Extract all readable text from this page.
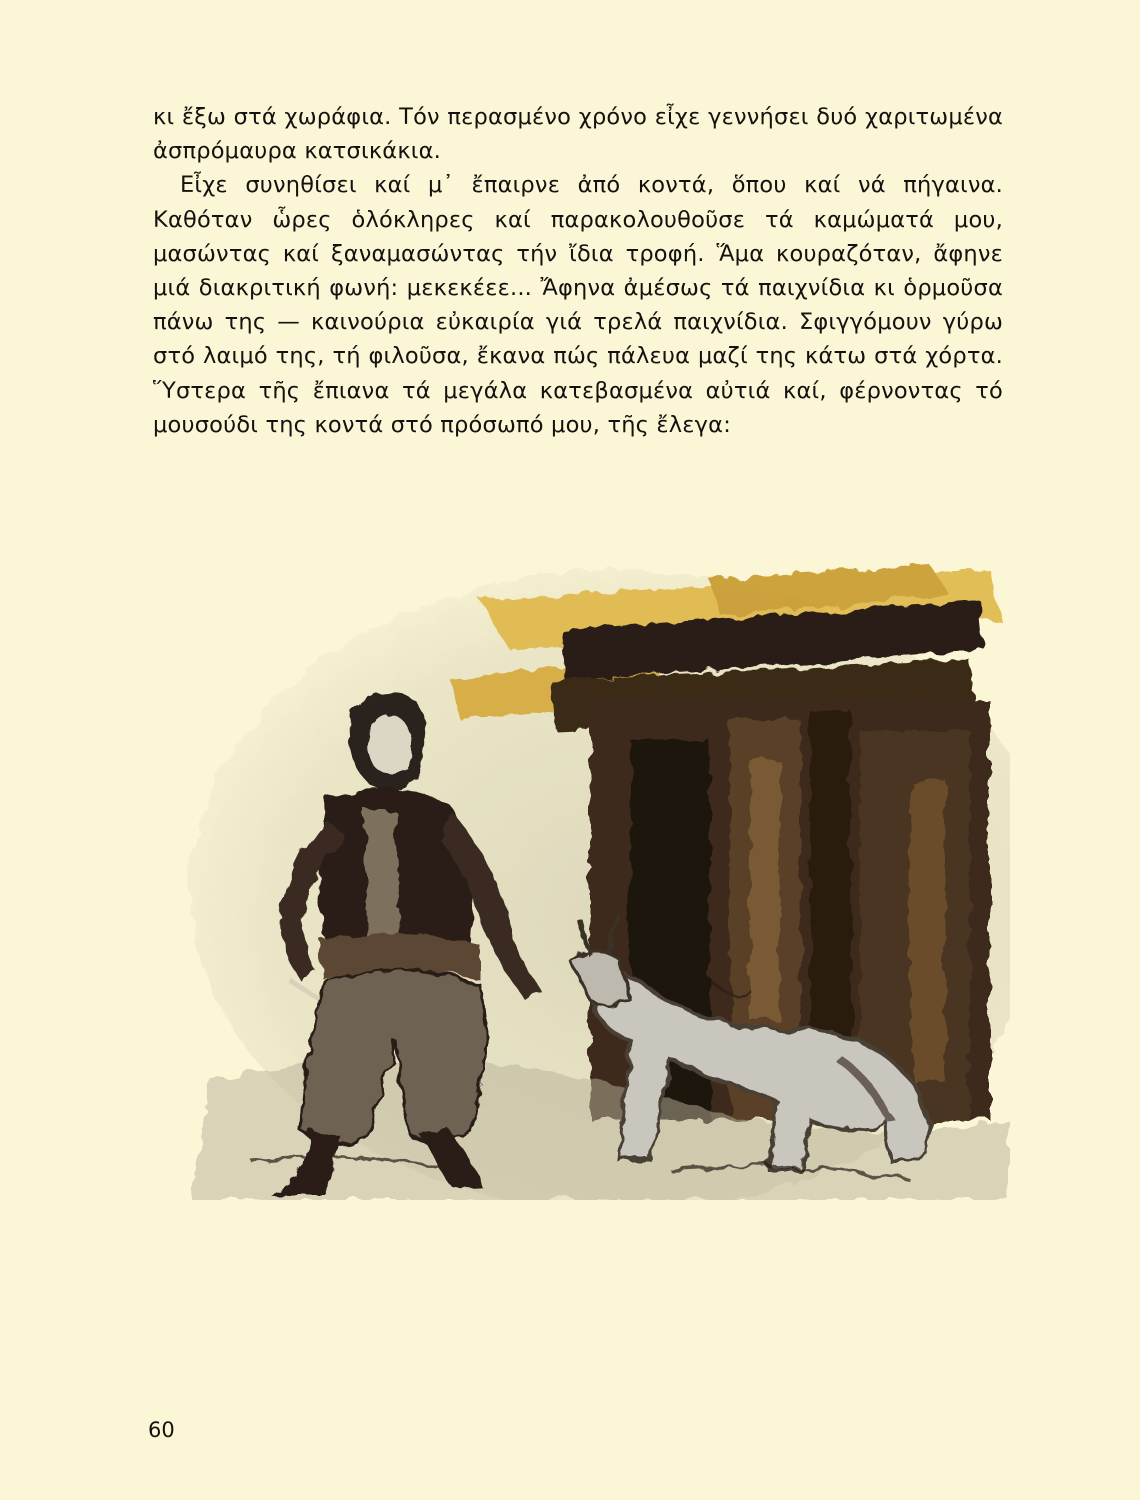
κι ἔξω στά χωράφια. Τόν περασμένο χρόνο εἶχε γεννήσει δυό χαριτωμένα ἀσπρόμαυρα κατσικάκια.

Εἶχε συνηθίσει καί μ᾿ ἔπαιρνε ἀπό κοντά, ὅπου καί νά πήγαινα. Καθόταν ὧρες ὁλόκληρες καί παρακολουθοῦσε τά καμώματά μου, μασώντας καί ξαναμασώντας τήν ἴδια τροφή. Ἅμα κουραζόταν, ἄφηνε μιά διακριτική φωνή: μεκεκέεε... Ἄφηνα ἀμέσως τά παιχνίδια κι ὁρμοῦσα πάνω της — καινούρια εὐκαιρία γιά τρελά παιχνίδια. Σφιγγόμουν γύρω στό λαιμό της, τή φιλοῦσα, ἔκανα πώς πάλευα μαζί της κάτω στά χόρτα. Ὕστερα τῆς ἔπιανα τά μεγάλα κατεβασμένα αὐτιά καί, φέρνοντας τό μουσούδι της κοντά στό πρόσωπό μου, τῆς ἔλεγα:

60
